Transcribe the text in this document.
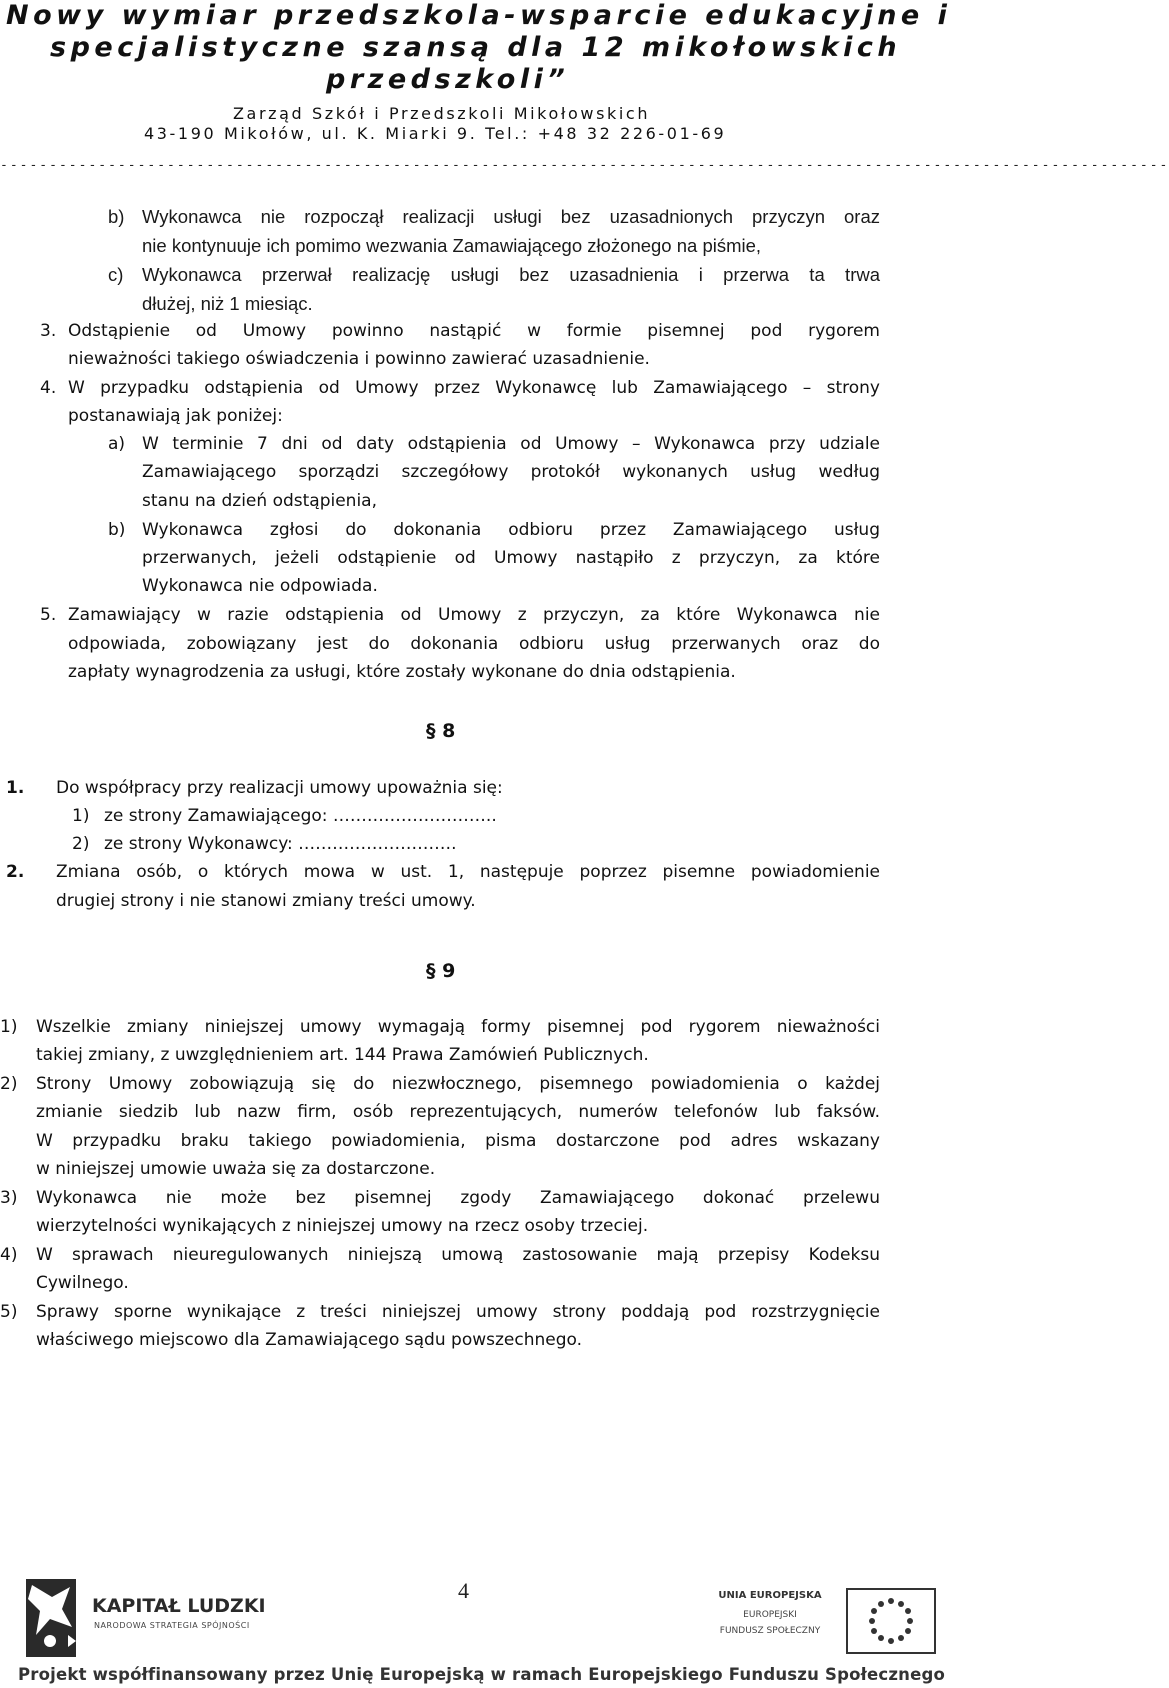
Nowy wymiar przedszkola-wsparcie edukacyjne i
specjalistyczne szansą dla 12 mikołowskich
przedszkoli”
Zarząd Szkół i Przedszkoli Mikołowskich
43-190 Mikołów, ul. K. Miarki 9. Tel.: +48 32 226-01-69
-----------------------------------------------------------------------------------------------------------------------
b) Wykonawca nie rozpoczął realizacji usługi bez uzasadnionych przyczyn oraz
nie kontynuuje ich pomimo wezwania Zamawiającego złożonego na piśmie,
c) Wykonawca przerwał realizację usługi bez uzasadnienia i przerwa ta trwa
dłużej, niż 1 miesiąc.
3. Odstąpienie od Umowy powinno nastąpić w formie pisemnej pod rygorem
nieważności takiego oświadczenia i powinno zawierać uzasadnienie.
4. W przypadku odstąpienia od Umowy przez Wykonawcę lub Zamawiającego – strony
postanawiają jak poniżej:
a) W terminie 7 dni od daty odstąpienia od Umowy – Wykonawca przy udziale
Zamawiającego sporządzi szczegółowy protokół wykonanych usług według
stanu na dzień odstąpienia,
b) Wykonawca zgłosi do dokonania odbioru przez Zamawiającego usług
przerwanych, jeżeli odstąpienie od Umowy nastąpiło z przyczyn, za które
Wykonawca nie odpowiada.
5. Zamawiający w razie odstąpienia od Umowy z przyczyn, za które Wykonawca nie
odpowiada, zobowiązany jest do dokonania odbioru usług przerwanych oraz do
zapłaty wynagrodzenia za usługi, które zostały wykonane do dnia odstąpienia.
§ 8
1. Do współpracy przy realizacji umowy upoważnia się:
1) ze strony Zamawiającego: ………………………..
2) ze strony Wykonawcy: ……………………….
2. Zmiana osób, o których mowa w ust. 1, następuje poprzez pisemne powiadomienie
drugiej strony i nie stanowi zmiany treści umowy.
§ 9
1) Wszelkie zmiany niniejszej umowy wymagają formy pisemnej pod rygorem nieważności
takiej zmiany, z uwzględnieniem art. 144 Prawa Zamówień Publicznych.
2) Strony Umowy zobowiązują się do niezwłocznego, pisemnego powiadomienia o każdej
zmianie siedzib lub nazw firm, osób reprezentujących, numerów telefonów lub faksów.
W przypadku braku takiego powiadomienia, pisma dostarczone pod adres wskazany
w niniejszej umowie uważa się za dostarczone.
3) Wykonawca nie może bez pisemnej zgody Zamawiającego dokonać przelewu
wierzytelności wynikających z niniejszej umowy na rzecz osoby trzeciej.
4) W sprawach nieuregulowanych niniejszą umową zastosowanie mają przepisy Kodeksu
Cywilnego.
5) Sprawy sporne wynikające z treści niniejszej umowy strony poddają pod rozstrzygnięcie
właściwego miejscowo dla Zamawiającego sądu powszechnego.
4
KAPITAŁ LUDZKI
NARODOWA STRATEGIA SPÓJNOŚCI
UNIA EUROPEJSKA
EUROPEJSKI
FUNDUSZ SPOŁECZNY
Projekt współfinansowany przez Unię Europejską w ramach Europejskiego Funduszu Społecznego
